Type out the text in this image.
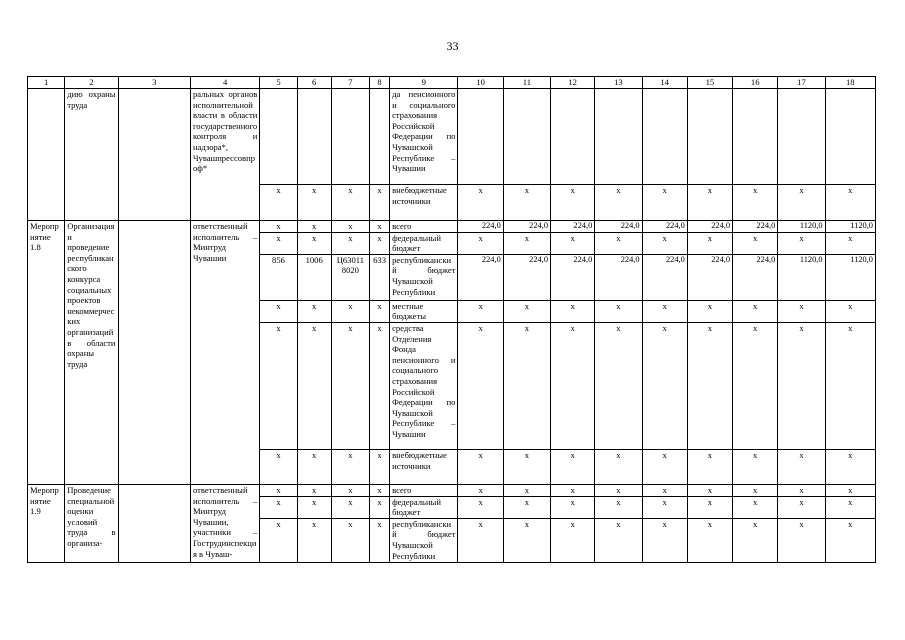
33
1	2	3	4	5	6	7	8	9	10	11	12	13	14	15	16	17	18
	дию охраны труда		ральных органов исполнительной власти в области государственного контроля и надзора*, Чувашпрессовпроф*					да пенсионного и социального страхования Российской Федерации по Чувашской Республике – Чувашии									
				x	x	x	x	внебюджетные источники	x	x	x	x	x	x	x	x	x
Мероприятие 1.8	Организация и проведение республиканского конкурса социальных проектов некоммерческих организаций в области охраны труда		ответственный исполнитель – Минтруд Чувашии	x	x	x	x	всего	224,0	224,0	224,0	224,0	224,0	224,0	224,0	1120,0	1120,0
				x	x	x	x	федеральный бюджет	x	x	x	x	x	x	x	x	x
				856	1006	Ц63011 8020	633	республиканский бюджет Чувашской Республики	224,0	224,0	224,0	224,0	224,0	224,0	224,0	1120,0	1120,0
				x	x	x	x	местные бюджеты	x	x	x	x	x	x	x	x	x
				x	x	x	x	средства Отделения Фонда пенсионного и социального страхования Российской Федерации по Чувашской Республике – Чувашии	x	x	x	x	x	x	x	x	x
				x	x	x	x	внебюджетные источники	x	x	x	x	x	x	x	x	x
Мероприятие 1.9	Проведение специальной оценки условий труда в организа-		ответственный исполнитель – Минтруд Чувашии, участники – Гострудинспекция в Чуваш-	x	x	x	x	всего	x	x	x	x	x	x	x	x	x
				x	x	x	x	федеральный бюджет	x	x	x	x	x	x	x	x	x
				x	x	x	x	республиканский бюджет Чувашской Республики	x	x	x	x	x	x	x	x	x
